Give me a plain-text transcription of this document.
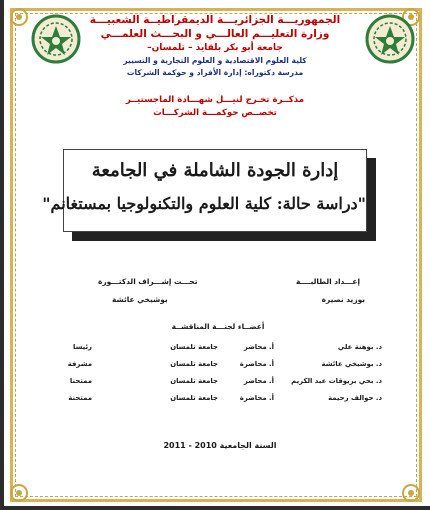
الجمهوريـــة الجزائريـــة الديمقراطيــة الشعبيـــة
وزارة التعليـــم العالـــي و البحـــث العلمـــي
جامعة أبو بكر بلقايد – تلمسان–
كلية العلوم الاقتصادية و العلوم التجارية و التسيير
مدرسة دكتوراه: إدارة الأفراد و حوكمة الشركات
مذكــرة تخـرج لنيـــل شهـــادة الماجستيــر
تخصــص حوكمـــة الشركـــات
إدارة الجودة الشاملة في الجامعة
"دراسة حالة: كلية العلوم والتكنولوجيا بمستغانم"
إعـــداد الطالبــــة
بوزيد نصيرة
تحـــت إشـــراف الدكتـــورة
بوشيخي عائشة
أعضــاء لجنـــة المناقشــة
د. بوهنة علي
أ. محاضر
جامعة تلمسان
رئيسا
د. بوشيخي عائشة
أ. محاضرة
جامعة تلمسان
مشرفة
د. بحي بريوقات عبد الكريم
أ. محاضر
جامعة تلمسان
ممتحنا
د. حوالف رحيمة
أ. محاضرة
جامعة تلمسان
ممتحنة
السنة الجامعية 2010 - 2011
